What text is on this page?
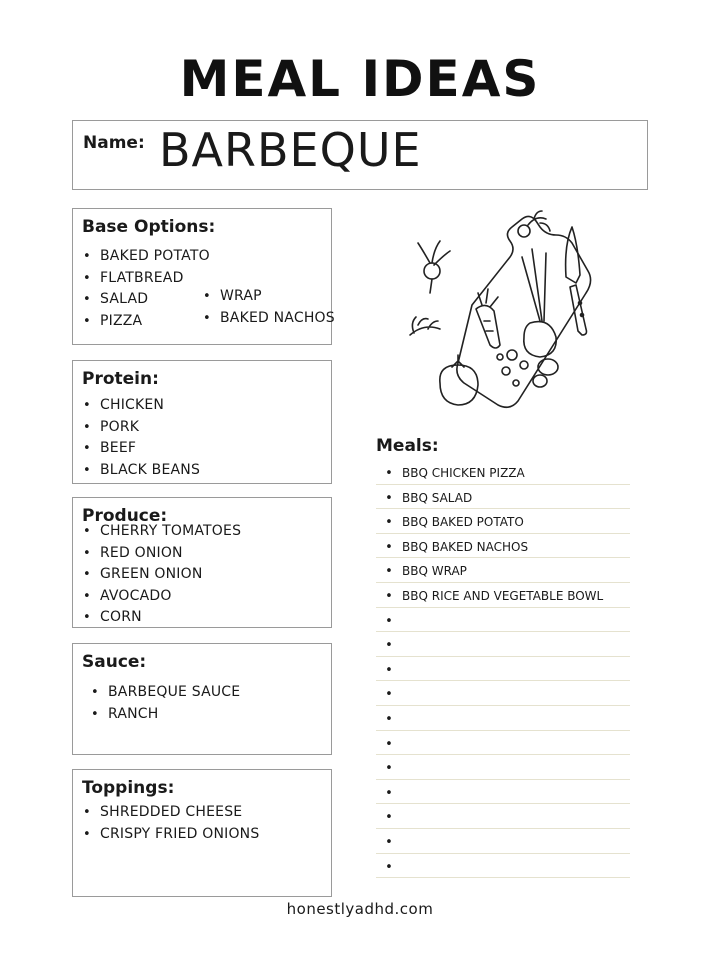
MEAL IDEAS
Name: BARBEQUE
Base Options:
• BAKED POTATO
• FLATBREAD
• SALAD
• PIZZA
• WRAP
• BAKED NACHOS
Protein:
• CHICKEN
• PORK
• BEEF
• BLACK BEANS
Produce:
• CHERRY TOMATOES
• RED ONION
• GREEN ONION
• AVOCADO
• CORN
Sauce:
• BARBEQUE SAUCE
• RANCH
Toppings:
• SHREDDED CHEESE
• CRISPY FRIED ONIONS
Meals:
• BBQ CHICKEN PIZZA
• BBQ SALAD
• BBQ BAKED POTATO
• BBQ BAKED NACHOS
• BBQ WRAP
• BBQ RICE AND VEGETABLE BOWL
•
•
•
•
•
•
•
•
•
•
•
honestlyadhd.com
